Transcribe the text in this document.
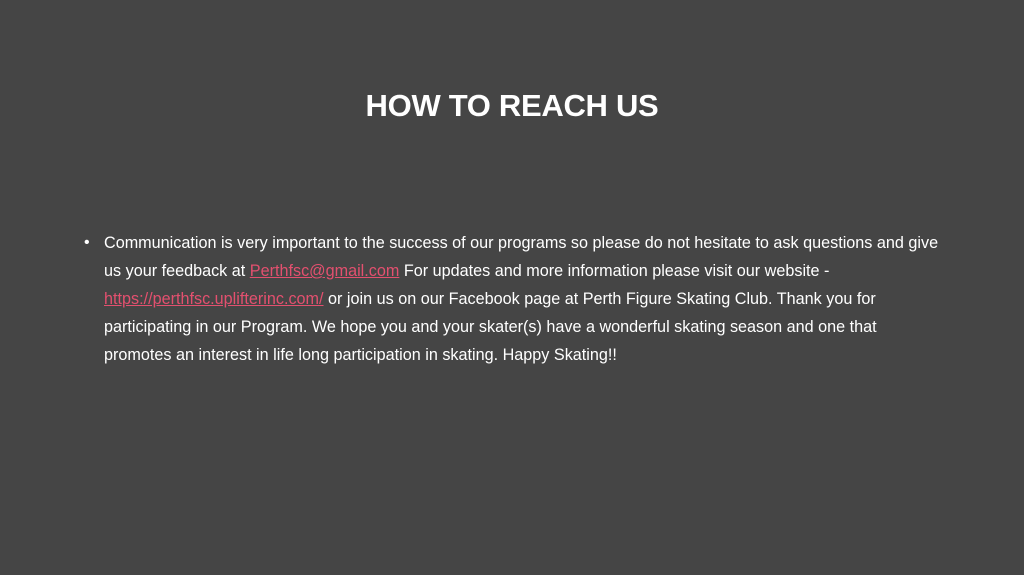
HOW TO REACH US
• Communication is very important to the success of our programs so please do not hesitate to ask questions and give us your feedback at Perthfsc@gmail.com For updates and more information please visit our website - https://perthfsc.uplifterinc.com/ or join us on our Facebook page at Perth Figure Skating Club. Thank you for participating in our Program. We hope you and your skater(s) have a wonderful skating season and one that promotes an interest in life long participation in skating. Happy Skating!!
